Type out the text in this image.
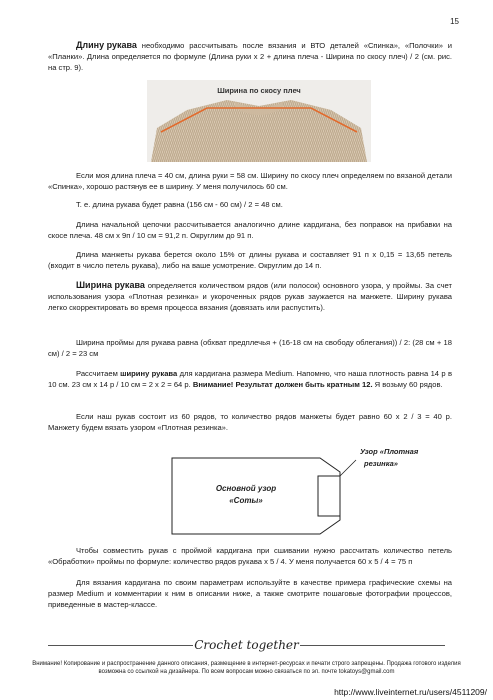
15

Длину рукава необходимо рассчитывать после вязания и ВТО деталей «Спинка», «Полочки» и «Планки». Длина определяется по формуле (Длина руки х 2 + длина плеча - Ширина по скосу плеч) / 2 (см. рис. на стр. 9).

Ширина по скосу плеч

Если моя длина плеча = 40 см, длина руки = 58 см. Ширину по скосу плеч определяем по вязаной детали «Спинка», хорошо растянув ее в ширину. У меня получилось 60 см.

Т. е. длина рукава будет равна (156 см - 60 см) / 2 = 48 см.

Длина начальной цепочки рассчитывается аналогично длине кардигана, без поправок на прибавки на скосе плеча. 48 см х 9п / 10 см = 91,2 п. Округлим до 91 п.

Длина манжеты рукава берется около 15% от длины рукава и составляет 91 п х 0,15 = 13,65 петель (входит в число петель рукава), либо на ваше усмотрение. Округлим до 14 п.

Ширина рукава определяется количеством рядов (или полосок) основного узора, у проймы. За счет использования узора «Плотная резинка» и укороченных рядов рукав заужается на манжете. Ширину рукава легко скорректировать во время процесса вязания (довязать или распустить).

Ширина проймы для рукава равна (обхват предплечья + (16-18 см на свободу облегания)) / 2: (28 см + 18 см) / 2 = 23 см

Рассчитаем ширину рукава для кардигана размера Medium. Напомню, что наша плотность равна 14 р в 10 см. 23 см х 14 р / 10 см = 2 х 2 = 64 р. Внимание! Результат должен быть кратным 12. Я возьму 60 рядов.

Если наш рукав состоит из 60 рядов, то количество рядов манжеты будет равно 60 х 2 / 3 = 40 р. Манжету будем вязать узором «Плотная резинка».

Основной узор
«Соты»
Узор «Плотная
резинка»

Чтобы совместить рукав с проймой кардигана при сшивании нужно рассчитать количество петель «Обработки» проймы по формуле: количество рядов рукава х 5 / 4. У меня получается 60 х 5 / 4 = 75 п

Для вязания кардигана по своим параметрам используйте в качестве примера графические схемы на размер Medium и комментарии к ним в описании ниже, а также смотрите пошаговые фотографии процессов, приведенные в мастер-классе.

Crochet together

Внимание! Копирование и распространение данного описания, размещение в интернет-ресурсах и печати строго запрещены. Продажа готового изделия возможна со ссылкой на дизайнера. По всем вопросам можно связаться по эл. почте tokatoys@gmail.com

http://www.liveinternet.ru/users/4511209/
